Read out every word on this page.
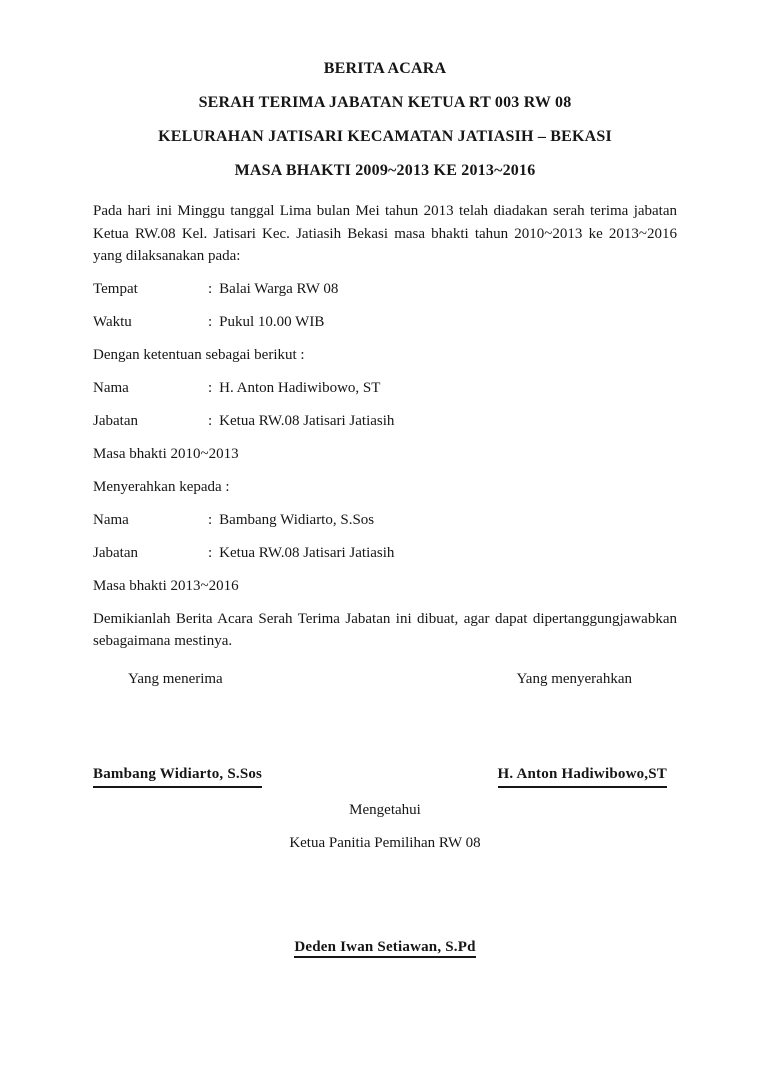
BERITA ACARA
SERAH TERIMA JABATAN KETUA RT 003 RW 08
KELURAHAN JATISARI KECAMATAN JATIASIH – BEKASI
MASA BHAKTI 2009~2013 KE 2013~2016

Pada hari ini Minggu tanggal Lima bulan Mei tahun 2013 telah diadakan serah terima jabatan Ketua RW.08 Kel. Jatisari Kec. Jatiasih Bekasi masa bhakti tahun 2010~2013 ke 2013~2016 yang dilaksanakan pada:

Tempat	: Balai Warga RW 08
Waktu	: Pukul 10.00 WIB
Dengan ketentuan sebagai berikut :
Nama	: H. Anton Hadiwibowo, ST
Jabatan	: Ketua RW.08 Jatisari Jatiasih
Masa bhakti 2010~2013
Menyerahkan kepada :
Nama	: Bambang Widiarto, S.Sos
Jabatan	: Ketua RW.08 Jatisari Jatiasih
Masa bhakti 2013~2016

Demikianlah Berita Acara Serah Terima Jabatan ini dibuat, agar dapat dipertanggungjawabkan sebagaimana mestinya.

Yang menerima	Yang menyerahkan
Bambang Widiarto, S.Sos	H. Anton Hadiwibowo,ST
Mengetahui
Ketua Panitia Pemilihan RW 08
Deden Iwan Setiawan, S.Pd
